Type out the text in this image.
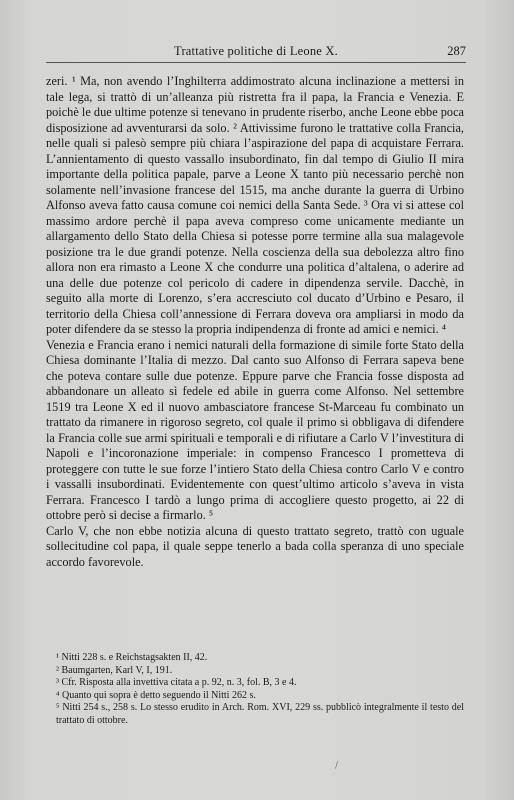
Trattative politiche di Leone X.	287

zeri. ¹ Ma, non avendo l’Inghilterra addimostrato alcuna inclinazione a mettersi in tale lega, si trattò di un’alleanza più ristretta fra il papa, la Francia e Venezia. E poichè le due ultime potenze si tenevano in prudente riserbo, anche Leone ebbe poca disposizione ad avventurarsi da solo. ² Attivissime furono le trattative colla Francia, nelle quali si palesò sempre più chiara l’aspirazione del papa di acquistare Ferrara. L’annientamento di questo vassallo insubordinato, fin dal tempo di Giulio II mira importante della politica papale, parve a Leone X tanto più necessario perchè non solamente nell’invasione francese del 1515, ma anche durante la guerra di Urbino Alfonso aveva fatto causa comune coi nemici della Santa Sede. ³ Ora vi si attese col massimo ardore perchè il papa aveva compreso come unicamente mediante un allargamento dello Stato della Chiesa si potesse porre termine alla sua malagevole posizione tra le due grandi potenze. Nella coscienza della sua debolezza altro fino allora non era rimasto a Leone X che condurre una politica d’altalena, o aderire ad una delle due potenze col pericolo di cadere in dipendenza servile. Dacchè, in seguito alla morte di Lorenzo, s’era accresciuto col ducato d’Urbino e Pesaro, il territorio della Chiesa coll’annessione di Ferrara doveva ora ampliarsi in modo da poter difendere da se stesso la propria indipendenza di fronte ad amici e nemici. ⁴

Venezia e Francia erano i nemici naturali della formazione di simile forte Stato della Chiesa dominante l’Italia di mezzo. Dal canto suo Alfonso di Ferrara sapeva bene che poteva contare sulle due potenze. Eppure parve che Francia fosse disposta ad abbandonare un alleato sì fedele ed abile in guerra come Alfonso. Nel settembre 1519 tra Leone X ed il nuovo ambasciatore francese St-Marceau fu combinato un trattato da rimanere in rigoroso segreto, col quale il primo si obbligava di difendere la Francia colle sue armi spirituali e temporali e di rifiutare a Carlo V l’investitura di Napoli e l’incoronazione imperiale: in compenso Francesco I prometteva di proteggere con tutte le sue forze l’intiero Stato della Chiesa contro Carlo V e contro i vassalli insubordinati. Evidentemente con quest’ultimo articolo s’aveva in vista Ferrara. Francesco I tardò a lungo prima di accogliere questo progetto, ai 22 di ottobre però si decise a firmarlo. ⁵

Carlo V, che non ebbe notizia alcuna di questo trattato segreto, trattò con uguale sollecitudine col papa, il quale seppe tenerlo a bada colla speranza di uno speciale accordo favorevole.

¹ Nitti 228 s. e Reichstagsakten II, 42.

² Baumgarten, Karl V, I, 191.

³ Cfr. Risposta alla invettiva citata a p. 92, n. 3, fol. B, 3 e 4.

⁴ Quanto qui sopra è detto seguendo il Nitti 262 s.

⁵ Nitti 254 s., 258 s. Lo stesso erudito in Arch. Rom. XVI, 229 ss. pubblicò integralmente il testo del trattato di ottobre.

⁄
